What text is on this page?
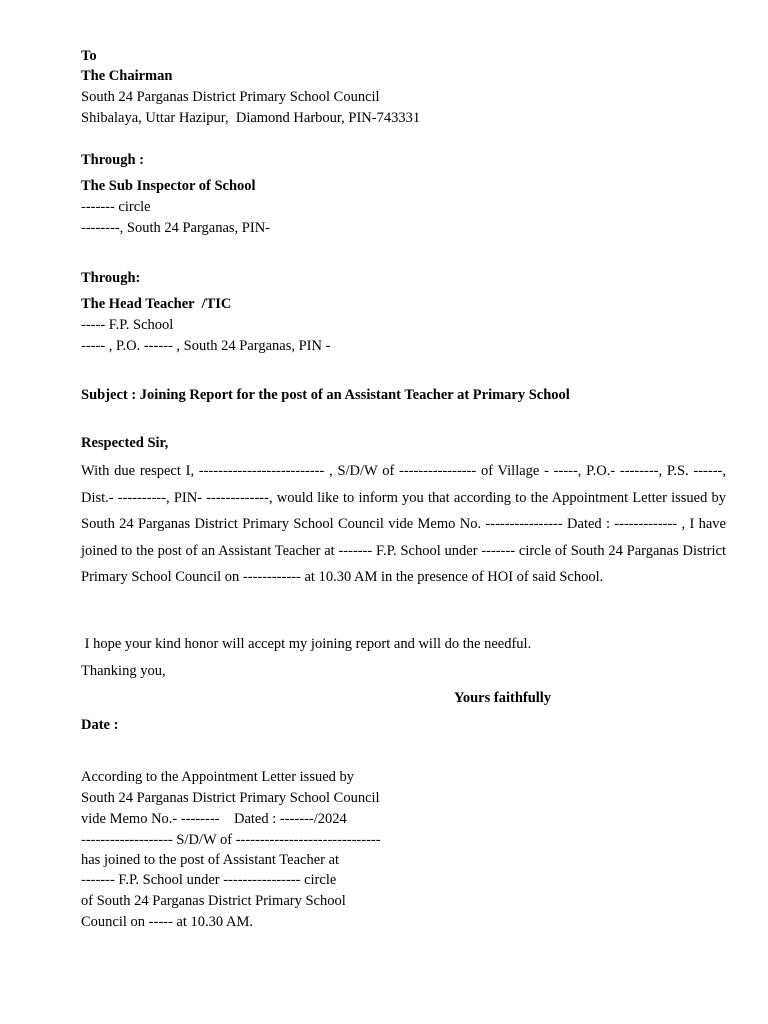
To
The Chairman
South 24 Parganas District Primary School Council
Shibalaya, Uttar Hazipur,  Diamond Harbour, PIN-743331
Through :
The Sub Inspector of School
------- circle
--------, South 24 Parganas, PIN-
Through:
The Head Teacher  /TIC
----- F.P. School
----- , P.O. ------ , South 24 Parganas, PIN -
Subject : Joining Report for the post of an Assistant Teacher at Primary School
Respected Sir,
With due respect I, -------------------------- , S/D/W of ---------------- of Village - -----, P.O.- --------, P.S. ------, Dist.- ----------, PIN- -------------, would like to inform you that according to the Appointment Letter issued by South 24 Parganas District Primary School Council vide Memo No. ---------------- Dated : ------------- , I have joined to the post of an Assistant Teacher at ------- F.P. School under ------- circle of South 24 Parganas District Primary School Council on ------------ at 10.30 AM in the presence of HOI of said School.
I hope your kind honor will accept my joining report and will do the needful.
Thanking you,
Yours faithfully
Date :
According to the Appointment Letter issued by
South 24 Parganas District Primary School Council
vide Memo No.- --------    Dated : -------/2024
------------------- S/D/W of ------------------------------
has joined to the post of Assistant Teacher at
------- F.P. School under ---------------- circle
of South 24 Parganas District Primary School
Council on ----- at 10.30 AM.
